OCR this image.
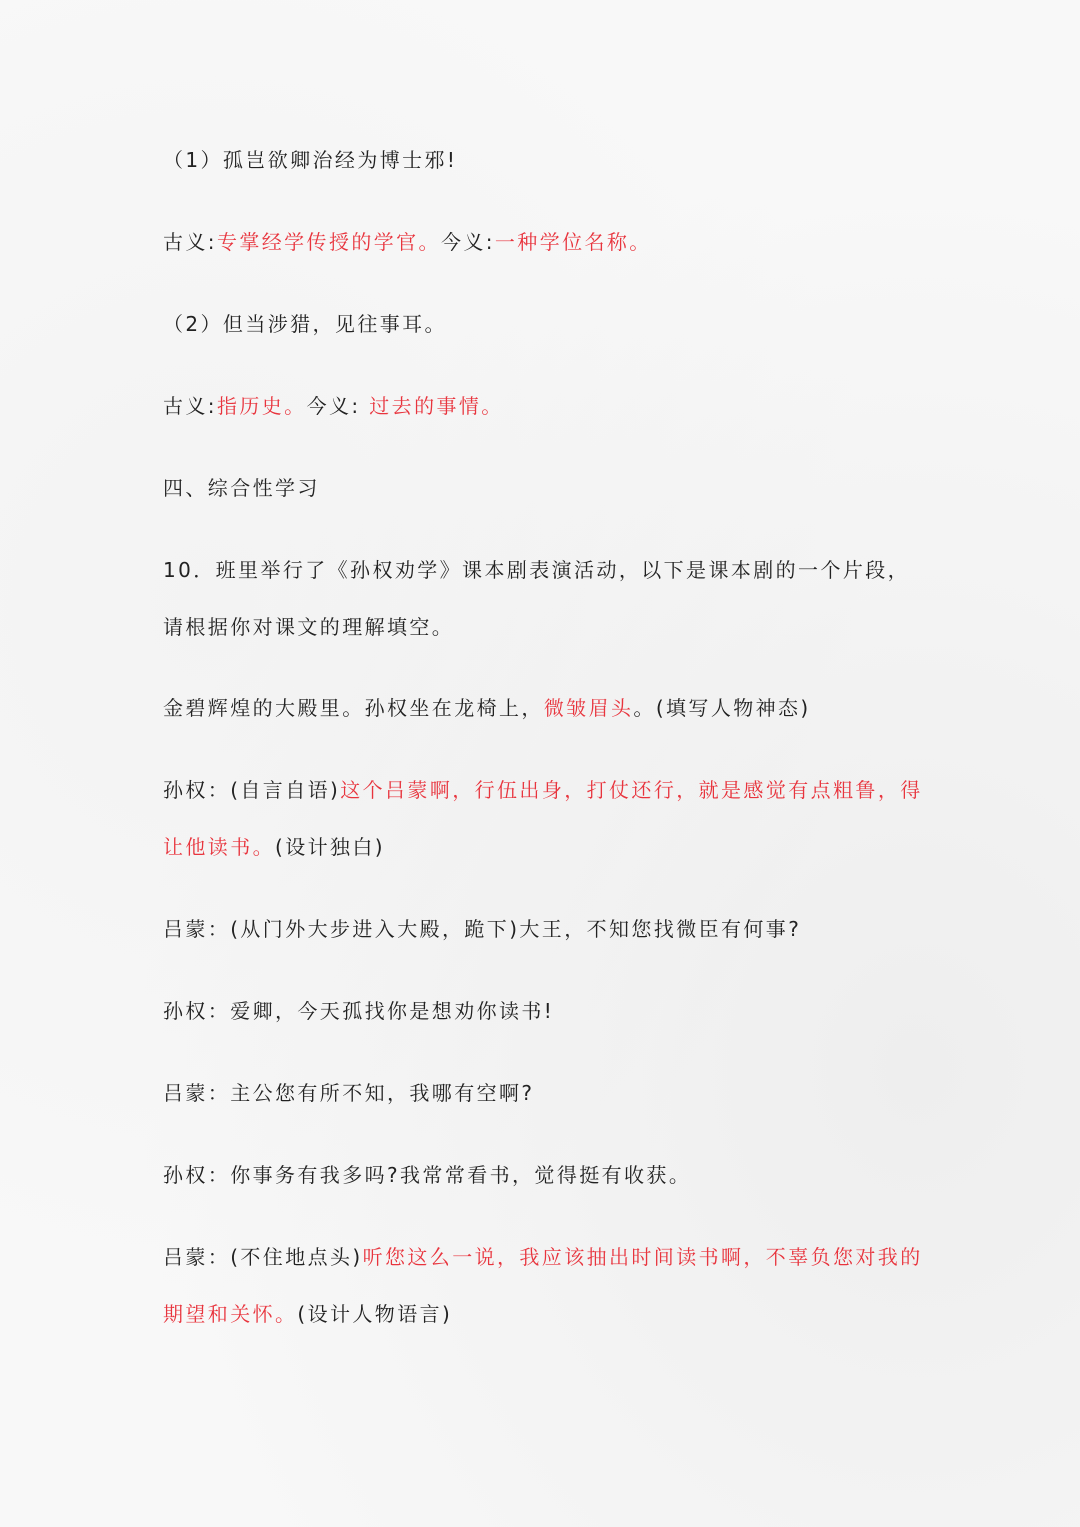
（1）孤岂欲卿治经为博士邪!
古义:专掌经学传授的学官。今义:一种学位名称。
（2）但当涉猎，见往事耳。
古义:指历史。今义: 过去的事情。
四、综合性学习
10．班里举行了《孙权劝学》课本剧表演活动，以下是课本剧的一个片段，
请根据你对课文的理解填空。
金碧辉煌的大殿里。孙权坐在龙椅上，微皱眉头。(填写人物神态)
孙权：(自言自语)这个吕蒙啊，行伍出身，打仗还行，就是感觉有点粗鲁，得
让他读书。(设计独白)
吕蒙：(从门外大步进入大殿，跪下)大王，不知您找微臣有何事?
孙权：爱卿，今天孤找你是想劝你读书!
吕蒙：主公您有所不知，我哪有空啊?
孙权：你事务有我多吗?我常常看书，觉得挺有收获。
吕蒙：(不住地点头)听您这么一说，我应该抽出时间读书啊，不辜负您对我的
期望和关怀。(设计人物语言)
